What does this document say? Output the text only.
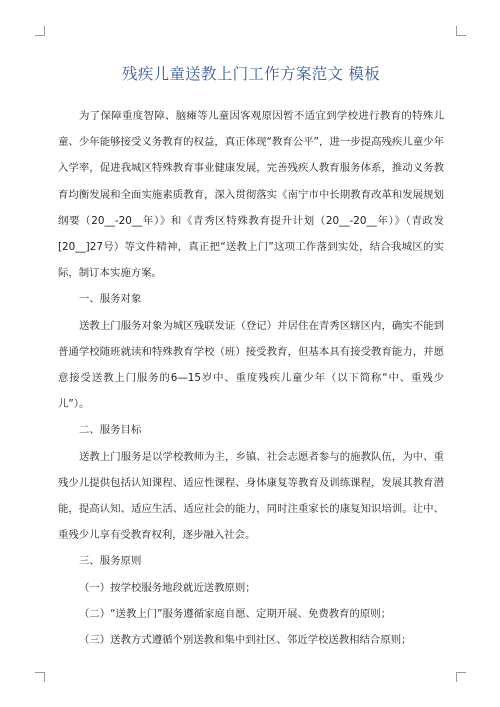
残疾儿童送教上门工作方案范文 模板

为了保障重度智障、脑瘫等儿童因客观原因暂不适宜到学校进行教育的特殊儿童、少年能够接受义务教育的权益，真正体现“教育公平”，进一步提高残疾儿童少年入学率，促进我城区特殊教育事业健康发展，完善残疾人教育服务体系，推动义务教育均衡发展和全面实施素质教育，深入贯彻落实《南宁市中长期教育改革和发展规划纲要（20__-20__年）》和《青秀区特殊教育提升计划（20__-20__年）》（青政发[20__]27号）等文件精神，真正把“送教上门”这项工作落到实处，结合我城区的实际，制订本实施方案。

一、服务对象

送教上门服务对象为城区残联发证（登记）并居住在青秀区辖区内，确实不能到普通学校随班就读和特殊教育学校（班）接受教育，但基本具有接受教育能力，并愿意接受送教上门服务的6—15岁中、重度残疾儿童少年（以下简称“中、重残少儿”）。

二、服务目标

送教上门服务是以学校教师为主，乡镇、社会志愿者参与的施教队伍，为中、重残少儿提供包括认知课程、适应性课程、身体康复等教育及训练课程，发展其教育潜能，提高认知、适应生活、适应社会的能力，同时注重家长的康复知识培训。让中、重残少儿享有受教育权利，逐步融入社会。

三、服务原则

（一）按学校服务地段就近送教原则；

（二）“送教上门”服务遵循家庭自愿、定期开展、免费教育的原则；

（三）送教方式遵循个别送教和集中到社区、邻近学校送教相结合原则；
